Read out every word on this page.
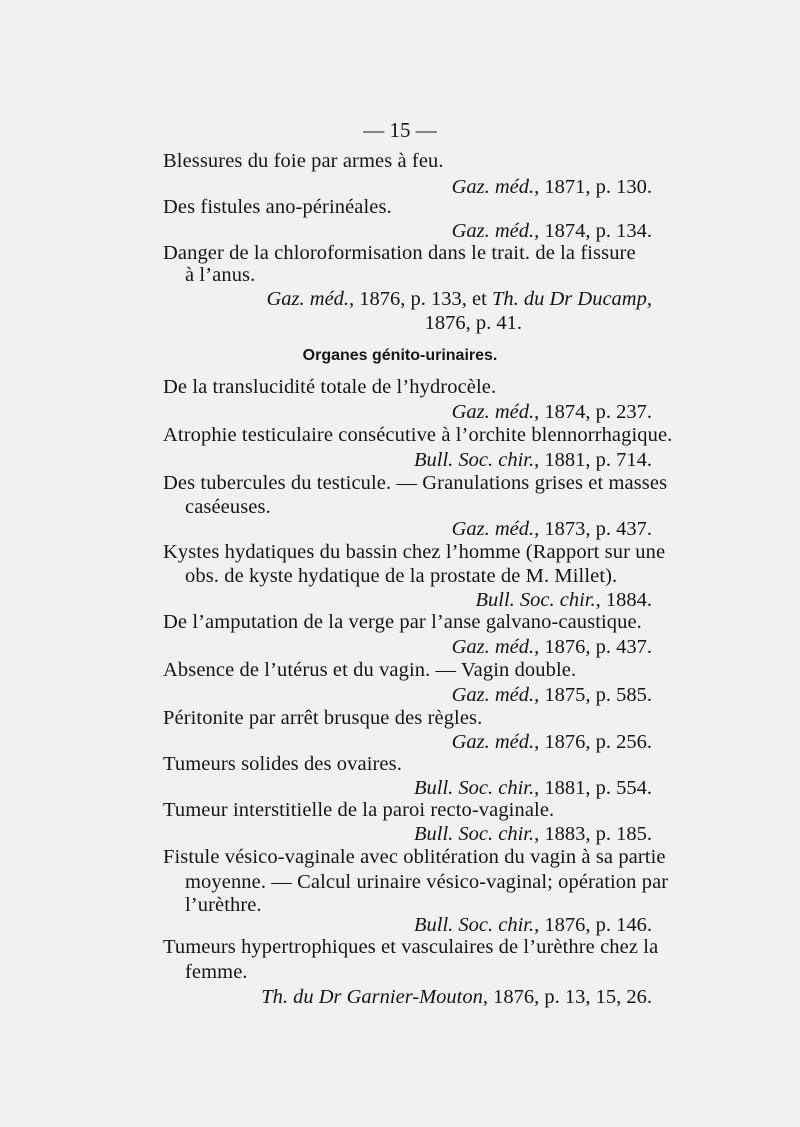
— 15 —
Blessures du foie par armes à feu.
Gaz. méd., 1871, p. 130.
Des fistules ano-périnéales.
Gaz. méd., 1874, p. 134.
Danger de la chloroformisation dans le trait. de la fissure
à l’anus.
Gaz. méd., 1876, p. 133, et Th. du Dr Ducamp,
1876, p. 41.
Organes génito-urinaires.
De la translucidité totale de l’hydrocèle.
Gaz. méd., 1874, p. 237.
Atrophie testiculaire consécutive à l’orchite blennorrhagique.
Bull. Soc. chir., 1881, p. 714.
Des tubercules du testicule. — Granulations grises et masses
caséeuses.
Gaz. méd., 1873, p. 437.
Kystes hydatiques du bassin chez l’homme (Rapport sur une
obs. de kyste hydatique de la prostate de M. Millet).
Bull. Soc. chir., 1884.
De l’amputation de la verge par l’anse galvano-caustique.
Gaz. méd., 1876, p. 437.
Absence de l’utérus et du vagin. — Vagin double.
Gaz. méd., 1875, p. 585.
Péritonite par arrêt brusque des règles.
Gaz. méd., 1876, p. 256.
Tumeurs solides des ovaires.
Bull. Soc. chir., 1881, p. 554.
Tumeur interstitielle de la paroi recto-vaginale.
Bull. Soc. chir., 1883, p. 185.
Fistule vésico-vaginale avec oblitération du vagin à sa partie
moyenne. — Calcul urinaire vésico-vaginal; opération par
l’urèthre.
Bull. Soc. chir., 1876, p. 146.
Tumeurs hypertrophiques et vasculaires de l’urèthre chez la
femme.
Th. du Dr Garnier-Mouton, 1876, p. 13, 15, 26.
